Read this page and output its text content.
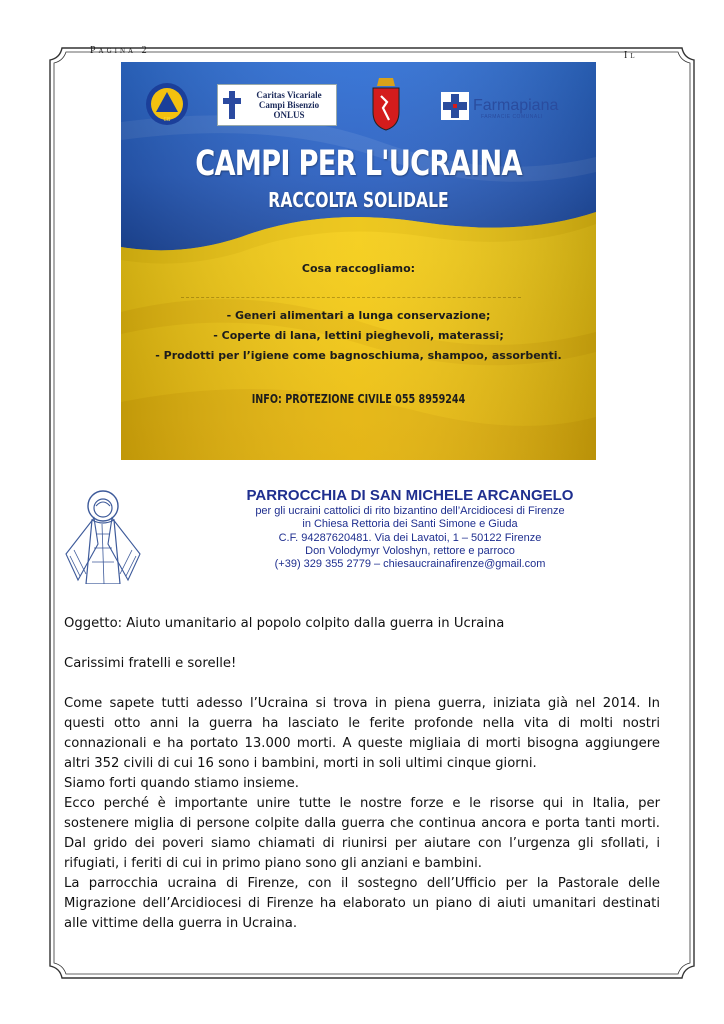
Pagina 2	Il
CB
Caritas Vicariale
Campi Bisenzio
ONLUS
Farmapiana
FARMACIE COMUNALI
CAMPI PER L'UCRAINA
RACCOLTA SOLIDALE
Cosa raccogliamo:
- Generi alimentari a lunga conservazione;
- Coperte di lana, lettini pieghevoli, materassi;
- Prodotti per l’igiene come bagnoschiuma, shampoo, assorbenti.
INFO: PROTEZIONE CIVILE 055 8959244
PARROCCHIA DI SAN MICHELE ARCANGELO
per gli ucraini cattolici di rito bizantino dell’Arcidiocesi di Firenze
in Chiesa Rettoria dei Santi Simone e Giuda
C.F. 94287620481. Via dei Lavatoi, 1 – 50122 Firenze
Don Volodymyr Voloshyn, rettore e parroco
(+39) 329 355 2779 – chiesaucrainafirenze@gmail.com

Oggetto: Aiuto umanitario al popolo colpito dalla guerra in Ucraina

Carissimi fratelli e sorelle!

Come sapete tutti adesso l’Ucraina si trova in piena guerra, iniziata già nel 2014. In questi otto anni la guerra ha lasciato le ferite profonde nella vita di molti nostri connazionali e ha portato 13.000 morti. A queste migliaia di morti bisogna aggiungere altri 352 civili di cui 16 sono i bambini, morti in soli ultimi cinque giorni.

Siamo forti quando stiamo insieme.

Ecco perché è importante unire tutte le nostre forze e le risorse qui in Italia, per sostenere miglia di persone colpite dalla guerra che continua ancora e porta tanti morti. Dal grido dei poveri siamo chiamati di riunirsi per aiutare con l’urgenza gli sfollati, i rifugiati, i feriti di cui in primo piano sono gli anziani e bambini.

La parrocchia ucraina di Firenze, con il sostegno dell’Ufficio per la Pastorale delle Migrazione dell’Arcidiocesi di Firenze ha elaborato un piano di aiuti umanitari destinati alle vittime della guerra in Ucraina.
